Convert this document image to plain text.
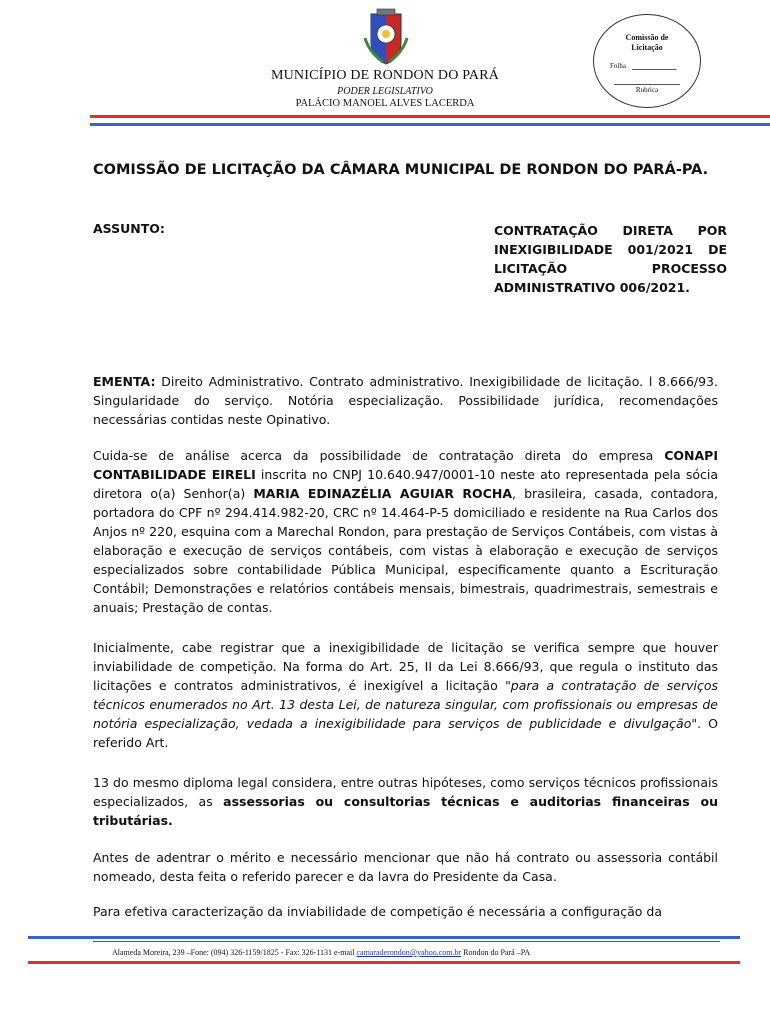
MUNICÍPIO DE RONDON DO PARÁ
PODER LEGISLATIVO
PALÁCIO MANOEL ALVES LACERDA
Comissão de
Licitação
Folha
Rubrica
COMISSÃO DE LICITAÇÃO DA CÂMARA MUNICIPAL DE RONDON DO PARÁ-PA.
ASSUNTO:	CONTRATAÇÃO DIRETA POR
INEXIGIBILIDADE 001/2021 DE
LICITAÇÃO PROCESSO
ADMINISTRATIVO 006/2021.
EMENTA: Direito Administrativo. Contrato administrativo. Inexigibilidade de licitação. l 8.666/93. Singularidade do serviço. Notória especialização. Possibilidade jurídica, recomendações necessárias contidas neste Opinativo.
Cuida-se de análise acerca da possibilidade de contratação direta do empresa CONAPI CONTABILIDADE EIRELI inscrita no CNPJ 10.640.947/0001-10 neste ato representada pela sócia diretora o(a) Senhor(a) MARIA EDINAZÉLIA AGUIAR ROCHA, brasileira, casada, contadora, portadora do CPF nº 294.414.982-20, CRC nº 14.464-P-5 domiciliado e residente na Rua Carlos dos Anjos nº 220, esquina com a Marechal Rondon, para prestação de Serviços Contábeis, com vistas à elaboração e execução de serviços contábeis, com vistas à elaboração e execução de serviços especializados sobre contabilidade Pública Municipal, especificamente quanto a Escrituração Contábil; Demonstrações e relatórios contábeis mensais, bimestrais, quadrimestrais, semestrais e anuais; Prestação de contas.
Inicialmente, cabe registrar que a inexigibilidade de licitação se verifica sempre que houver inviabilidade de competição. Na forma do Art. 25, II da Lei 8.666/93, que regula o instituto das licitações e contratos administrativos, é inexigível a licitação "para a contratação de serviços técnicos enumerados no Art. 13 desta Lei, de natureza singular, com profissionais ou empresas de notória especialização, vedada a inexigibilidade para serviços de publicidade e divulgação". O referido Art.
13 do mesmo diploma legal considera, entre outras hipóteses, como serviços técnicos profissionais especializados, as assessorias ou consultorias técnicas e auditorias financeiras ou tributárias.
Antes de adentrar o mérito e necessário mencionar que não há contrato ou assessoria contábil nomeado, desta feita o referido parecer e da lavra do Presidente da Casa.
Para efetiva caracterização da inviabilidade de competição é necessária a configuração da
Alameda Moreira, 239 –Fone: (094) 326-1159/1825 - Fax: 326-1131 e-mail camaraderondon@yahoo.com.br Rondon do Pará –PA
